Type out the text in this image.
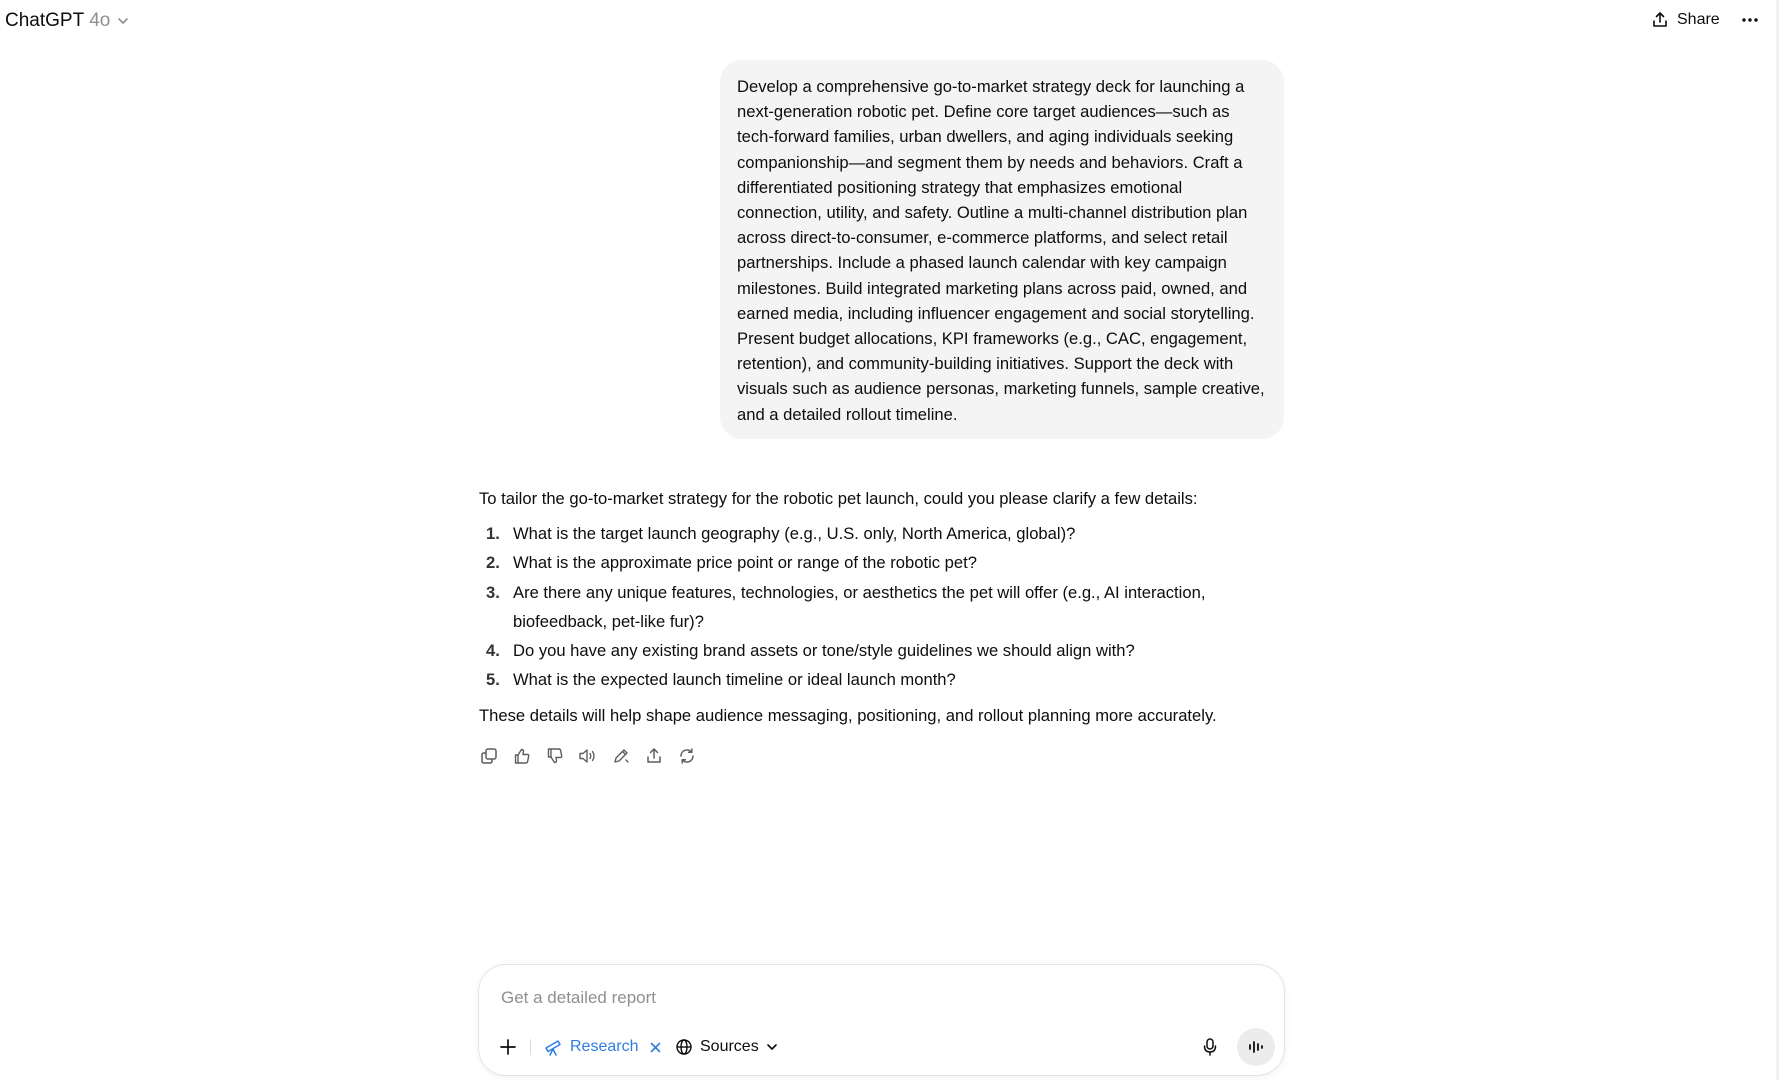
ChatGPT 4o	Share
Develop a comprehensive go-to-market strategy deck for launching a next-generation robotic pet. Define core target audiences—such as tech-forward families, urban dwellers, and aging individuals seeking companionship—and segment them by needs and behaviors. Craft a differentiated positioning strategy that emphasizes emotional connection, utility, and safety. Outline a multi-channel distribution plan across direct-to-consumer, e-commerce platforms, and select retail partnerships. Include a phased launch calendar with key campaign milestones. Build integrated marketing plans across paid, owned, and earned media, including influencer engagement and social storytelling. Present budget allocations, KPI frameworks (e.g., CAC, engagement, retention), and community-building initiatives. Support the deck with visuals such as audience personas, marketing funnels, sample creative, and a detailed rollout timeline.

To tailor the go-to-market strategy for the robotic pet launch, could you please clarify a few details:

1. What is the target launch geography (e.g., U.S. only, North America, global)?
2. What is the approximate price point or range of the robotic pet?
3. Are there any unique features, technologies, or aesthetics the pet will offer (e.g., AI interaction, biofeedback, pet-like fur)?
4. Do you have any existing brand assets or tone/style guidelines we should align with?
5. What is the expected launch timeline or ideal launch month?

These details will help shape audience messaging, positioning, and rollout planning more accurately.

Get a detailed report
Research	Sources
